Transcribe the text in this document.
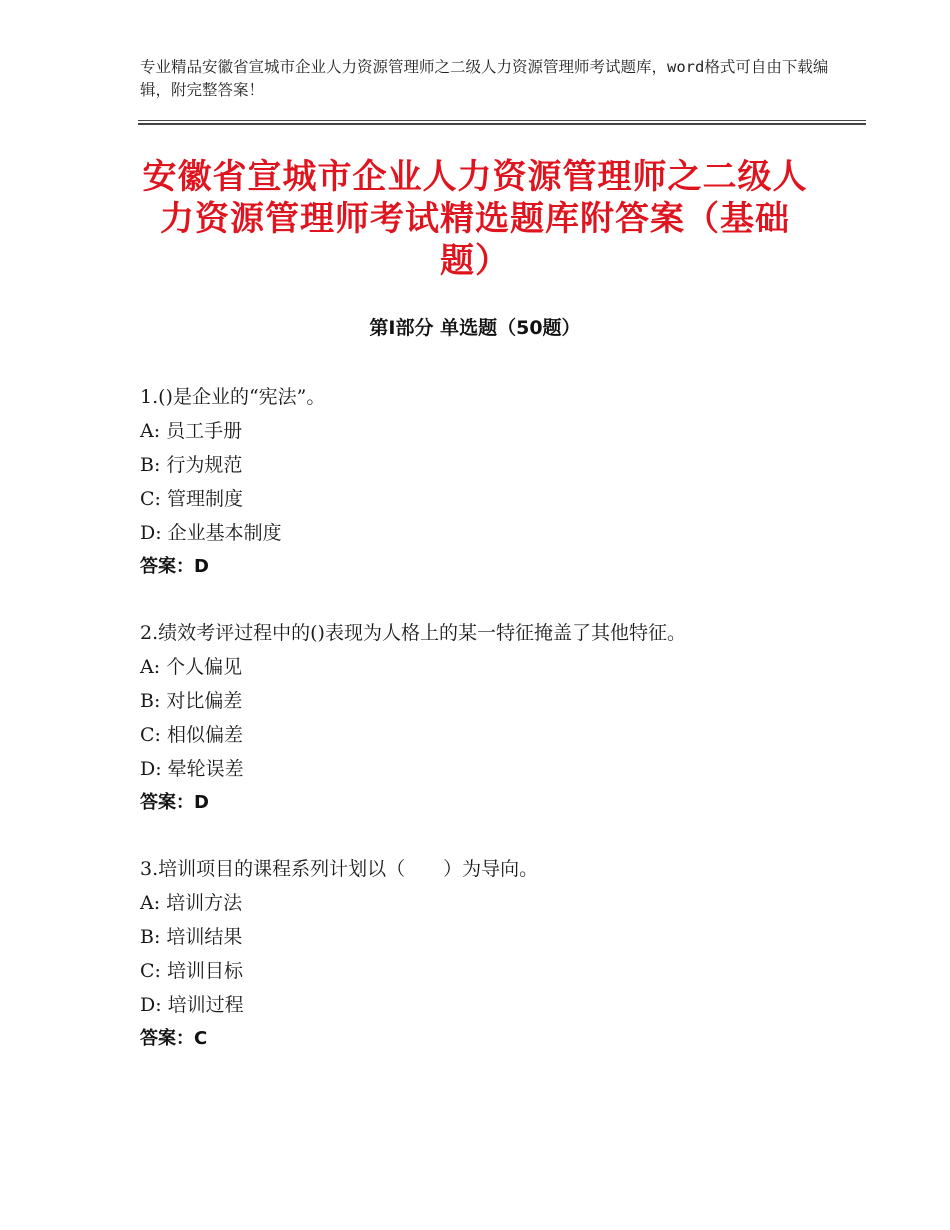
专业精品安徽省宣城市企业人力资源管理师之二级人力资源管理师考试题库，word格式可自由下载编辑，附完整答案！
安徽省宣城市企业人力资源管理师之二级人力资源管理师考试精选题库附答案（基础题）
第Ⅰ部分 单选题（50题）
1.()是企业的“宪法”。
A: 员工手册
B: 行为规范
C: 管理制度
D: 企业基本制度
答案：D
2.绩效考评过程中的()表现为人格上的某一特征掩盖了其他特征。
A: 个人偏见
B: 对比偏差
C: 相似偏差
D: 晕轮误差
答案：D
3.培训项目的课程系列计划以（　　）为导向。
A: 培训方法
B: 培训结果
C: 培训目标
D: 培训过程
答案：C
